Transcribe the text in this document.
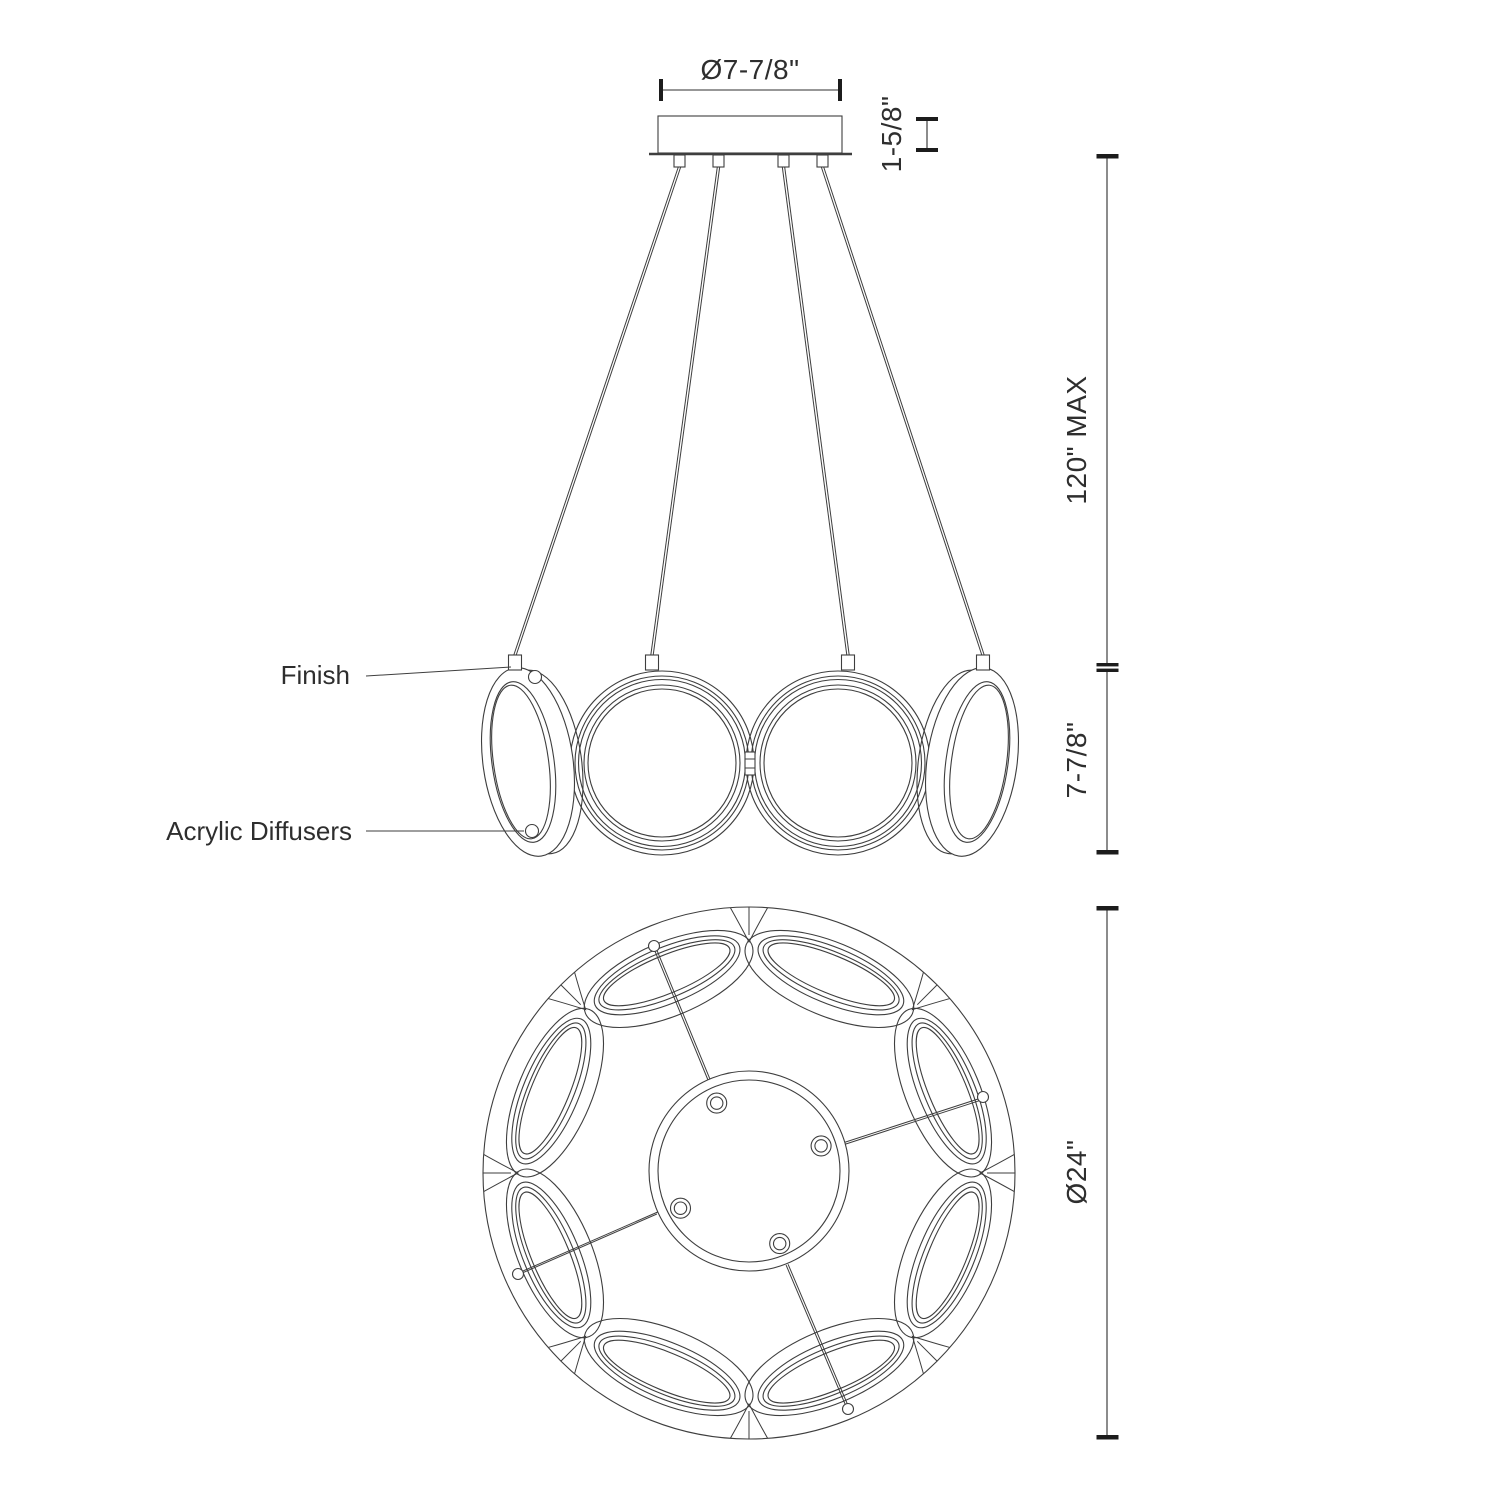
Ø7-7/8"
1-5/8"
Finish
Acrylic Diffusers
120" MAX
7-7/8"
Ø24"
